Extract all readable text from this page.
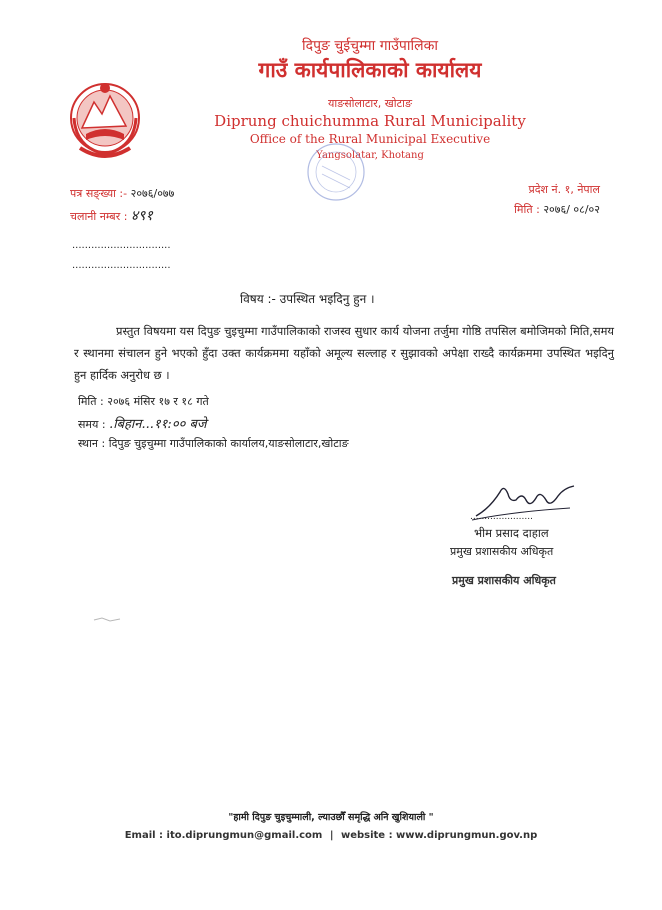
दिपुङ चुईचुम्मा गाउँपालिका
गाउँ कार्यपालिकाको कार्यालय
याङसोलाटार, खोटाङ
Diprung chuichumma Rural Municipality
Office of the Rural Municipal Executive
Yangsolatar, Khotang
पत्र सङ्ख्या :- २०७६/०७७
चलानी नम्बर : ४९१
प्रदेश नं. १, नेपाल
मिति : २०७६/ ०८/०२
...............................
...............................
विषय :- उपस्थित भइदिनु हुन ।
प्रस्तुत विषयमा यस दिपुङ चुइचुम्मा गाउँपालिकाको राजस्व सुधार कार्य योजना तर्जुमा गोष्ठि तपसिल बमोजिमको मिति,समय र स्थानमा संचालन हुने भएको हुँदा उक्त कार्यक्रममा यहाँको अमूल्य सल्लाह र सुझावको अपेक्षा राख्दै कार्यक्रममा उपस्थित भइदिनु हुन हार्दिक अनुरोध छ ।
मिति : २०७६ मंसिर १७ र १८ गते
समय : .बिहान...११:०० बजे
स्थान : दिपुङ चुइचुम्मा गाउँपालिकाको कार्यालय,याङसोलाटार,खोटाङ
......................
भीम प्रसाद दाहाल
प्रमुख प्रशासकीय अधिकृत
प्रमुख प्रशासकीय अधिकृत
"हामी दिपुङ चुइचुम्माली, ल्याउछौँ समृद्धि अनि खुशियाली "
Email : ito.diprungmun@gmail.com | website : www.diprungmun.gov.np
